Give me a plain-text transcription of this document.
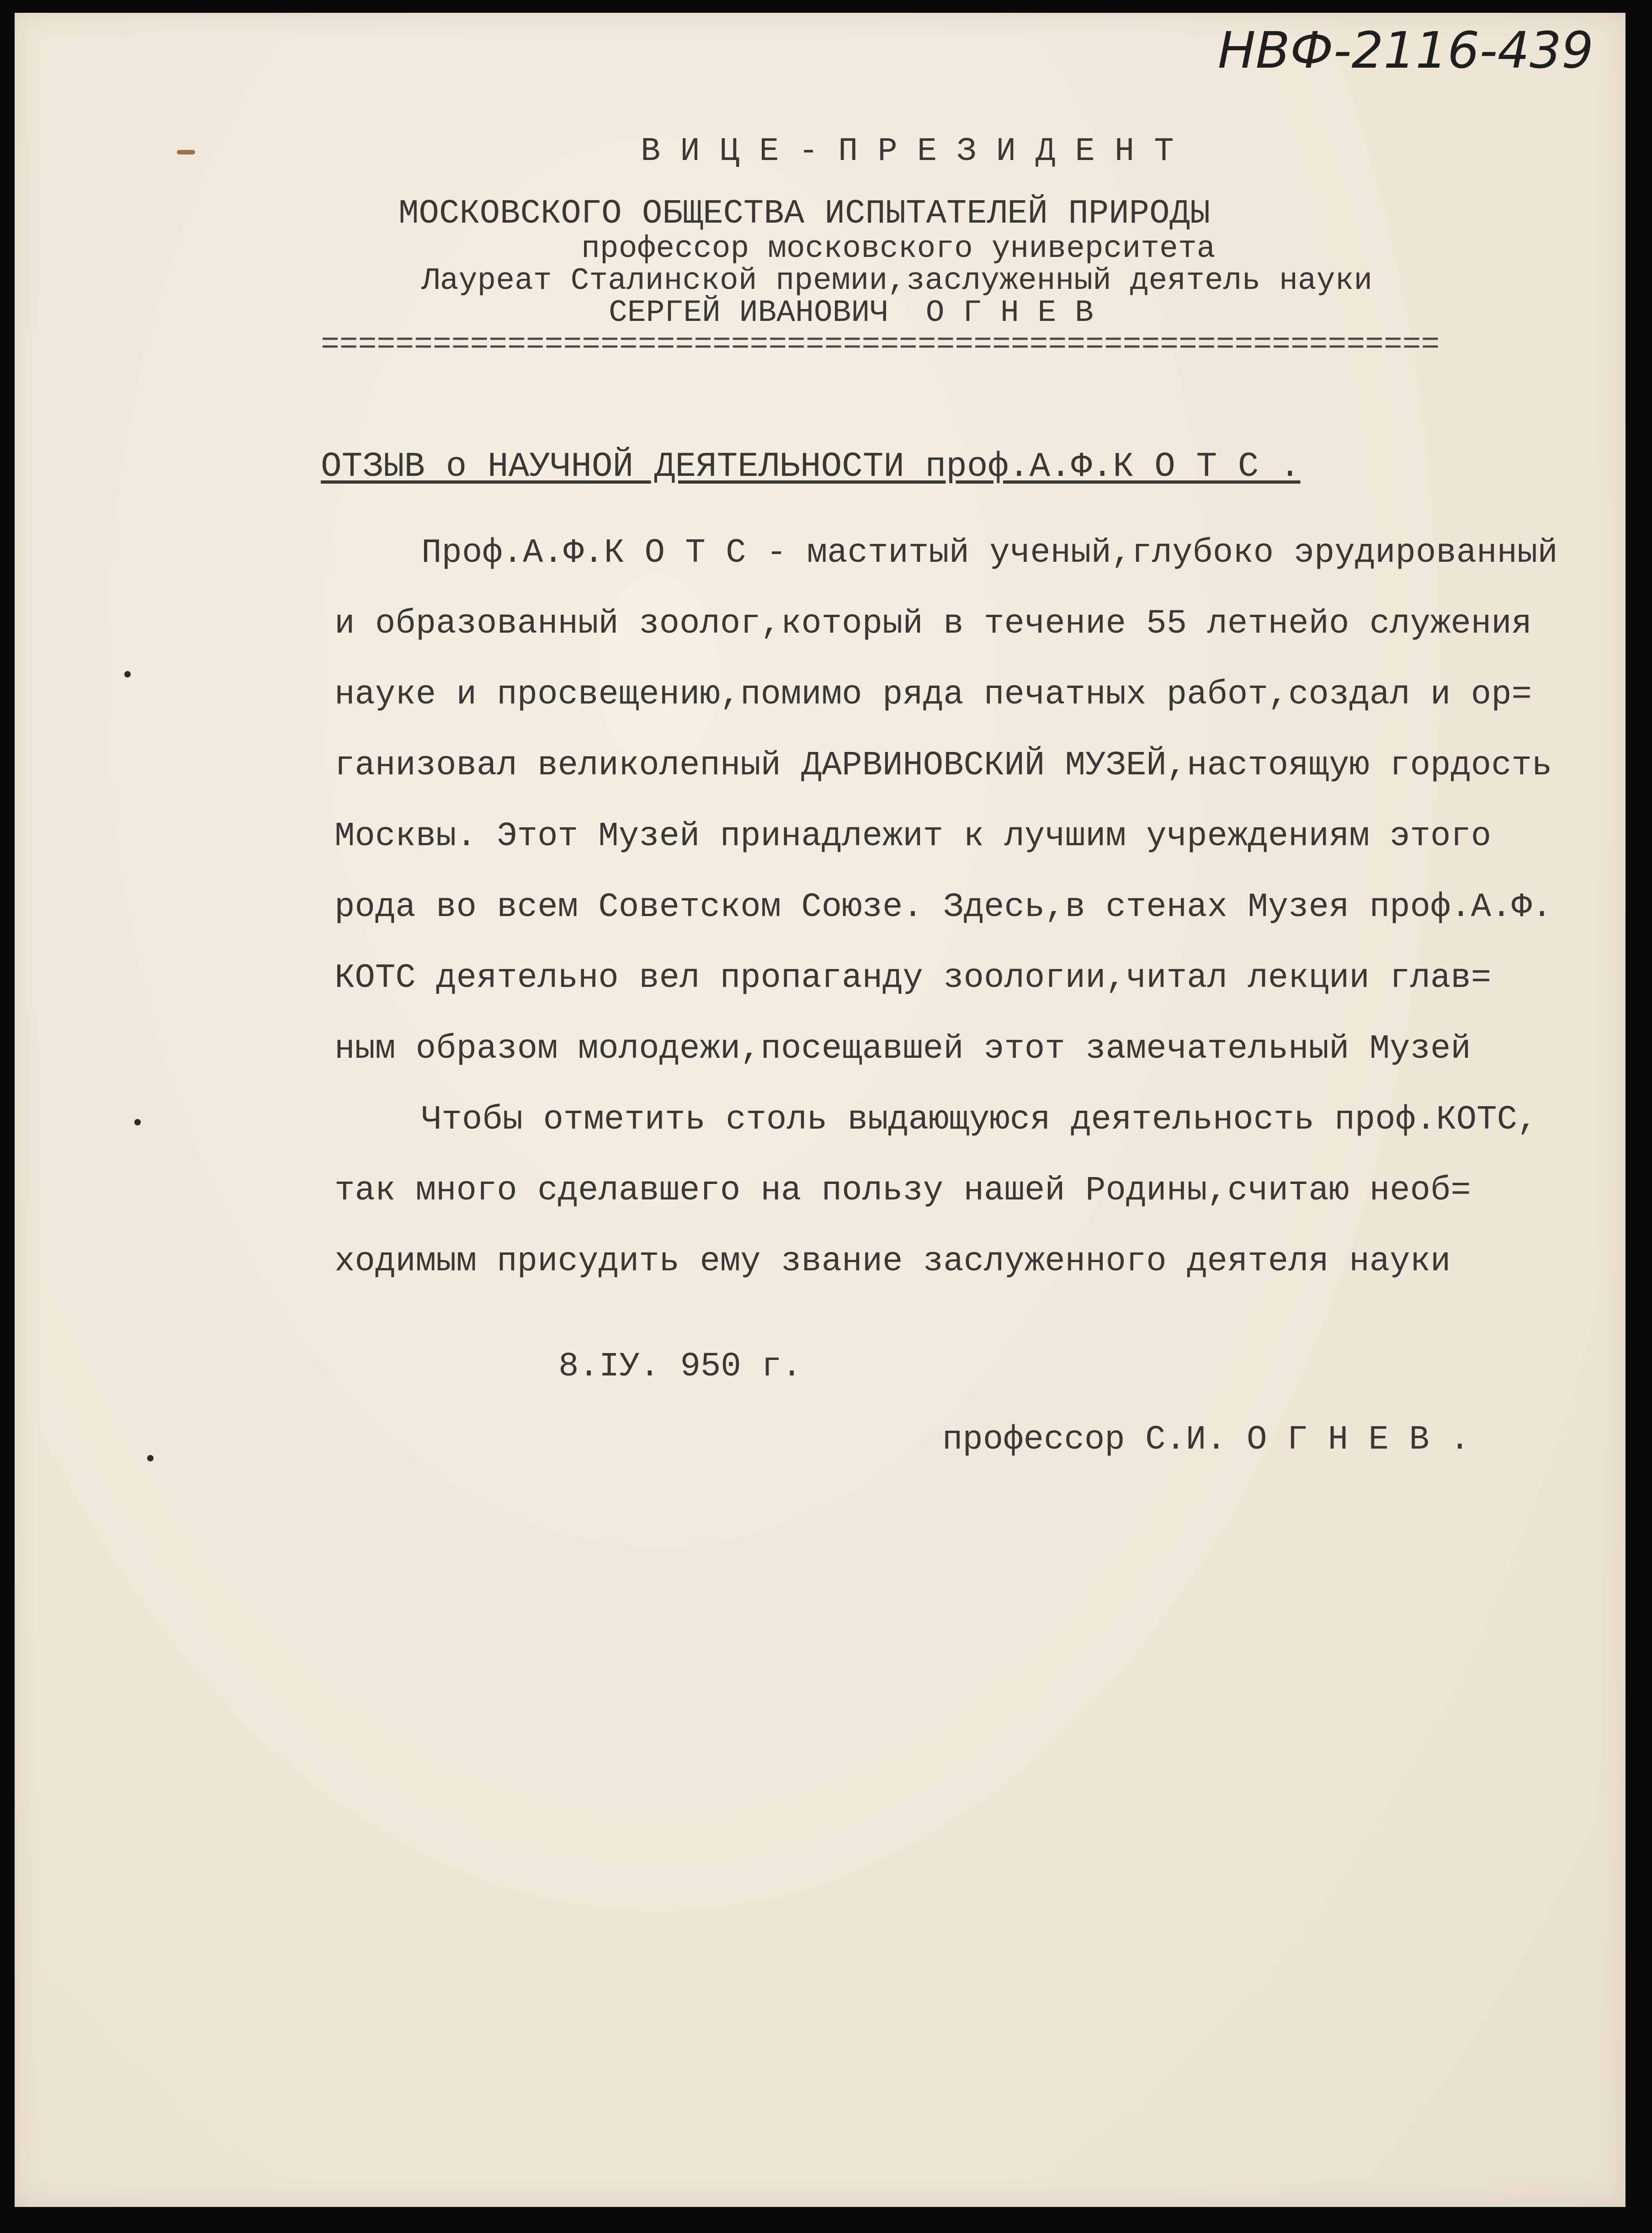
НВФ-2116-439
В И Ц Е - П Р Е З И Д Е Н Т
МОСКОВСКОГО ОБЩЕСТВА ИСПЫТАТЕЛЕЙ ПРИРОДЫ
профессор московского университета
Лауреат Сталинской премии,заслуженный деятель науки
СЕРГЕЙ ИВАНОВИЧ  О Г Н Е В
============================================================
ОТЗЫВ о НАУЧНОЙ ДЕЯТЕЛЬНОСТИ проф.А.Ф.К О Т С .
Проф.А.Ф.К О Т С - маститый ученый,глубоко эрудированный
и образованный зоолог,который в течение 55 летнейо служения
науке и просвещению,помимо ряда печатных работ,создал и ор=
ганизовал великолепный ДАРВИНОВСКИЙ МУЗЕЙ,настоящую гордость
Москвы. Этот Музей принадлежит к лучшим учреждениям этого
рода во всем Советском Союзе. Здесь,в стенах Музея проф.А.Ф.
КОТС деятельно вел пропаганду зоологии,читал лекции глав=
ным образом молодежи,посещавшей этот замечательный Музей
Чтобы отметить столь выдающуюся деятельность проф.КОТС,
так много сделавшего на пользу нашей Родины,считаю необ=
ходимым присудить ему звание заслуженного деятеля науки
8.IУ. 950 г.
профессор С.И. О Г Н Е В .
